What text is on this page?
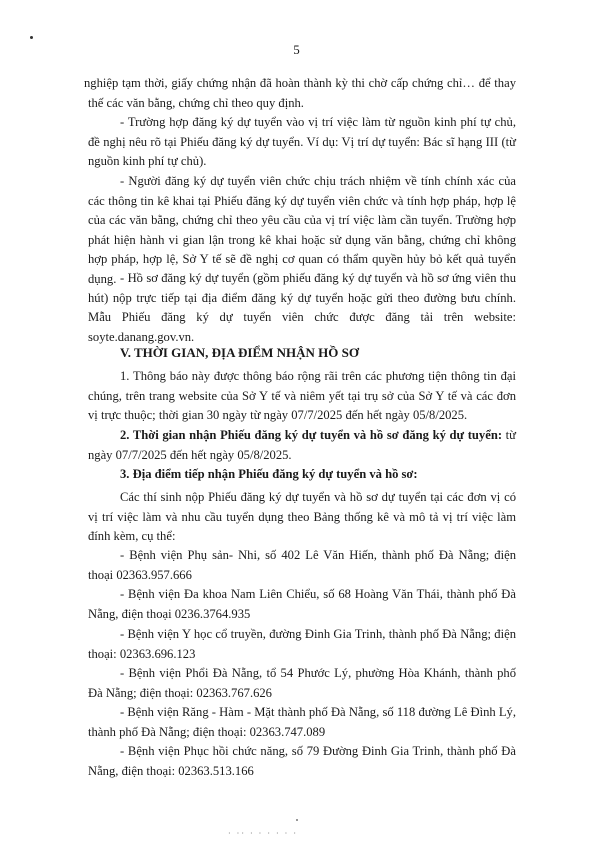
5

nghiệp tạm thời, giấy chứng nhận đã hoàn thành kỳ thi chờ cấp chứng chỉ… để thay thế các văn bằng, chứng chỉ theo quy định.

- Trường hợp đăng ký dự tuyển vào vị trí việc làm từ nguồn kinh phí tự chủ, đề nghị nêu rõ tại Phiếu đăng ký dự tuyển. Ví dụ: Vị trí dự tuyển: Bác sĩ hạng III (từ nguồn kinh phí tự chủ).

- Người đăng ký dự tuyển viên chức chịu trách nhiệm về tính chính xác của các thông tin kê khai tại Phiếu đăng ký dự tuyển viên chức và tính hợp pháp, hợp lệ của các văn bằng, chứng chỉ theo yêu cầu của vị trí việc làm cần tuyển. Trường hợp phát hiện hành vi gian lận trong kê khai hoặc sử dụng văn bằng, chứng chỉ không hợp pháp, hợp lệ, Sở Y tế sẽ đề nghị cơ quan có thẩm quyền hủy bỏ kết quả tuyển dụng. - Hồ sơ đăng ký dự tuyển (gồm phiếu đăng ký dự tuyển và hồ sơ ứng viên thu hút) nộp trực tiếp tại địa điểm đăng ký dự tuyển hoặc gửi theo đường bưu chính. Mẫu Phiếu đăng ký dự tuyển viên chức được đăng tải trên website: soyte.danang.gov.vn.

V. THỜI GIAN, ĐỊA ĐIỂM NHẬN HỒ SƠ

1. Thông báo này được thông báo rộng rãi trên các phương tiện thông tin đại chúng, trên trang website của Sở Y tế và niêm yết tại trụ sở của Sở Y tế và các đơn vị trực thuộc; thời gian 30 ngày từ ngày 07/7/2025 đến hết ngày 05/8/2025.

2. Thời gian nhận Phiếu đăng ký dự tuyển và hồ sơ đăng ký dự tuyển: từ ngày 07/7/2025 đến hết ngày 05/8/2025.

3. Địa điểm tiếp nhận Phiếu đăng ký dự tuyển và hồ sơ:

Các thí sinh nộp Phiếu đăng ký dự tuyển và hồ sơ dự tuyển tại các đơn vị có vị trí việc làm và nhu cầu tuyển dụng theo Bảng thống kê và mô tả vị trí việc làm đính kèm, cụ thể:

- Bệnh viện Phụ sản- Nhi, số 402 Lê Văn Hiến, thành phố Đà Nẵng; điện thoại 02363.957.666

- Bệnh viện Đa khoa Nam Liên Chiểu, số 68 Hoàng Văn Thái, thành phố Đà Nẵng, điện thoại 0236.3764.935

- Bệnh viện Y học cổ truyền, đường Đinh Gia Trinh, thành phố Đà Nẵng; điện thoại: 02363.696.123

- Bệnh viện Phổi Đà Nẵng, tổ 54 Phước Lý, phường Hòa Khánh, thành phố Đà Nẵng; điện thoại: 02363.767.626

- Bệnh viện Răng - Hàm - Mặt thành phố Đà Nẵng, số 118 đường Lê Đình Lý, thành phố Đà Nẵng; điện thoại: 02363.747.089

- Bệnh viện Phục hồi chức năng, số 79 Đường Đinh Gia Trinh, thành phố Đà Nẵng, điện thoại: 02363.513.166

· ·· · · · · · ·
